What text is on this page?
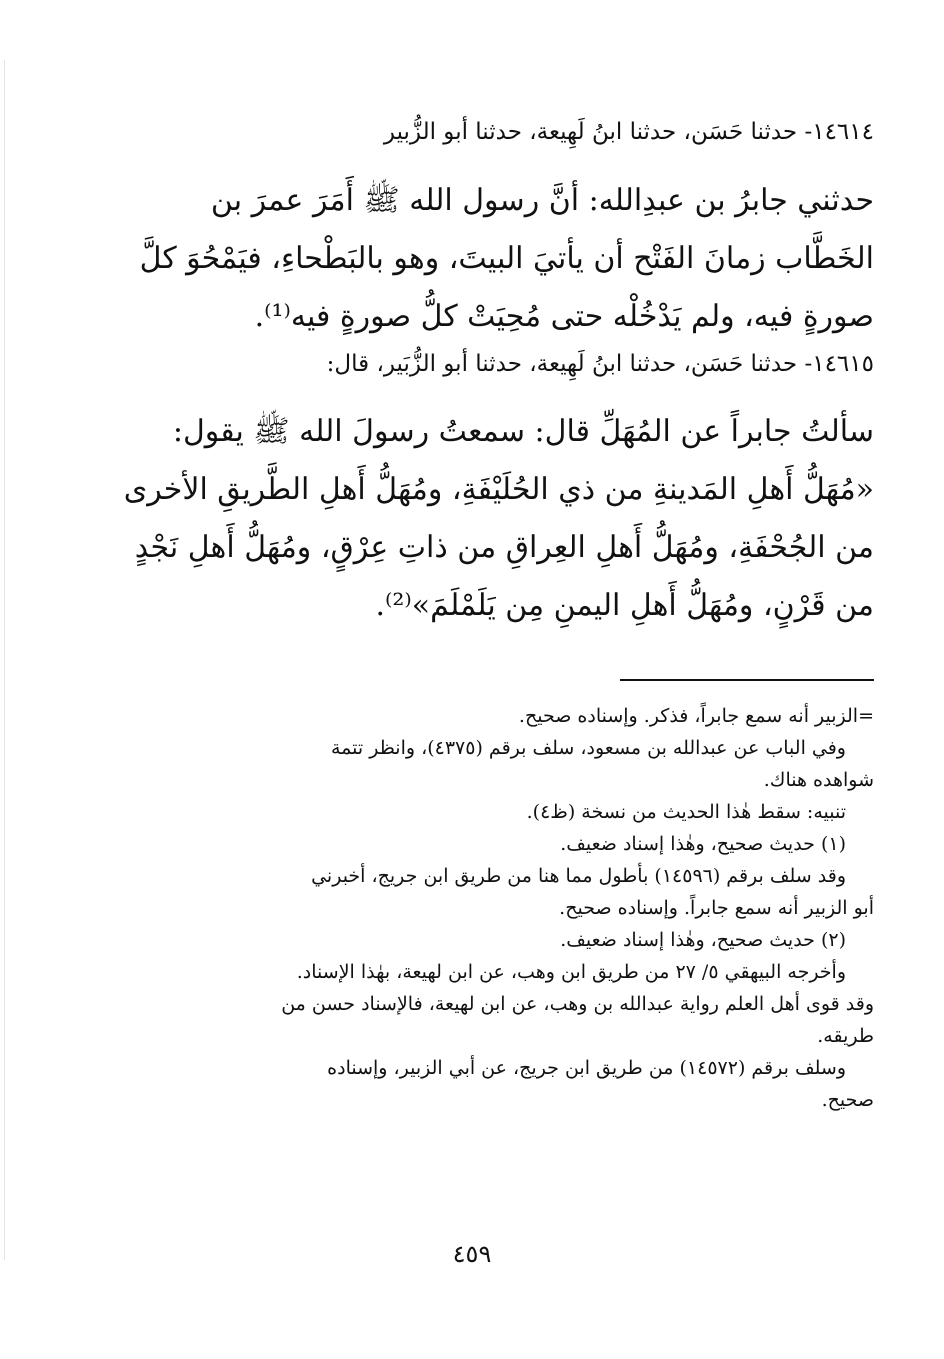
١٤٦١٤- حدثنا حَسَن، حدثنا ابنُ لَهِيعة، حدثنا أبو الزُّبير
حدثني جابرُ بن عبدِالله: أنَّ رسول الله ﷺ أَمَرَ عمرَ بن
الخَطَّاب زمانَ الفَتْح أن يأتيَ البيتَ، وهو بالبَطْحاءِ، فيَمْحُوَ كلَّ
صورةٍ فيه، ولم يَدْخُلْه حتى مُحِيَتْ كلُّ صورةٍ فيه⁽¹⁾.
١٤٦١٥- حدثنا حَسَن، حدثنا ابنُ لَهِيعة، حدثنا أبو الزُّبَير، قال:
سألتُ جابراً عن المُهَلِّ قال: سمعتُ رسولَ الله ﷺ يقول:
«مُهَلُّ أَهلِ المَدينةِ من ذي الحُلَيْفَةِ، ومُهَلُّ أَهلِ الطَّريقِ الأخرى
من الجُحْفَةِ، ومُهَلُّ أَهلِ العِراقِ من ذاتِ عِرْقٍ، ومُهَلُّ أَهلِ نَجْدٍ
من قَرْنٍ، ومُهَلُّ أَهلِ اليمنِ مِن يَلَمْلَمَ»⁽²⁾.
=الزبير أنه سمع جابراً، فذكر. وإسناده صحيح.
وفي الباب عن عبدالله بن مسعود، سلف برقم (٤٣٧٥)، وانظر تتمة
شواهده هناك.
تنبيه: سقط هٰذا الحديث من نسخة (ظ٤).
(١) حديث صحيح، وهٰذا إسناد ضعيف.
وقد سلف برقم (١٤٥٩٦) بأطول مما هنا من طريق ابن جريج، أخبرني
أبو الزبير أنه سمع جابراً. وإسناده صحيح.
(٢) حديث صحيح، وهٰذا إسناد ضعيف.
وأخرجه البيهقي ٥/ ٢٧ من طريق ابن وهب، عن ابن لهيعة، بهٰذا الإسناد.
وقد قوى أهل العلم رواية عبدالله بن وهب، عن ابن لهيعة، فالإسناد حسن من
طريقه.
وسلف برقم (١٤٥٧٢) من طريق ابن جريج، عن أبي الزبير، وإسناده
صحيح.
٤٥٩
